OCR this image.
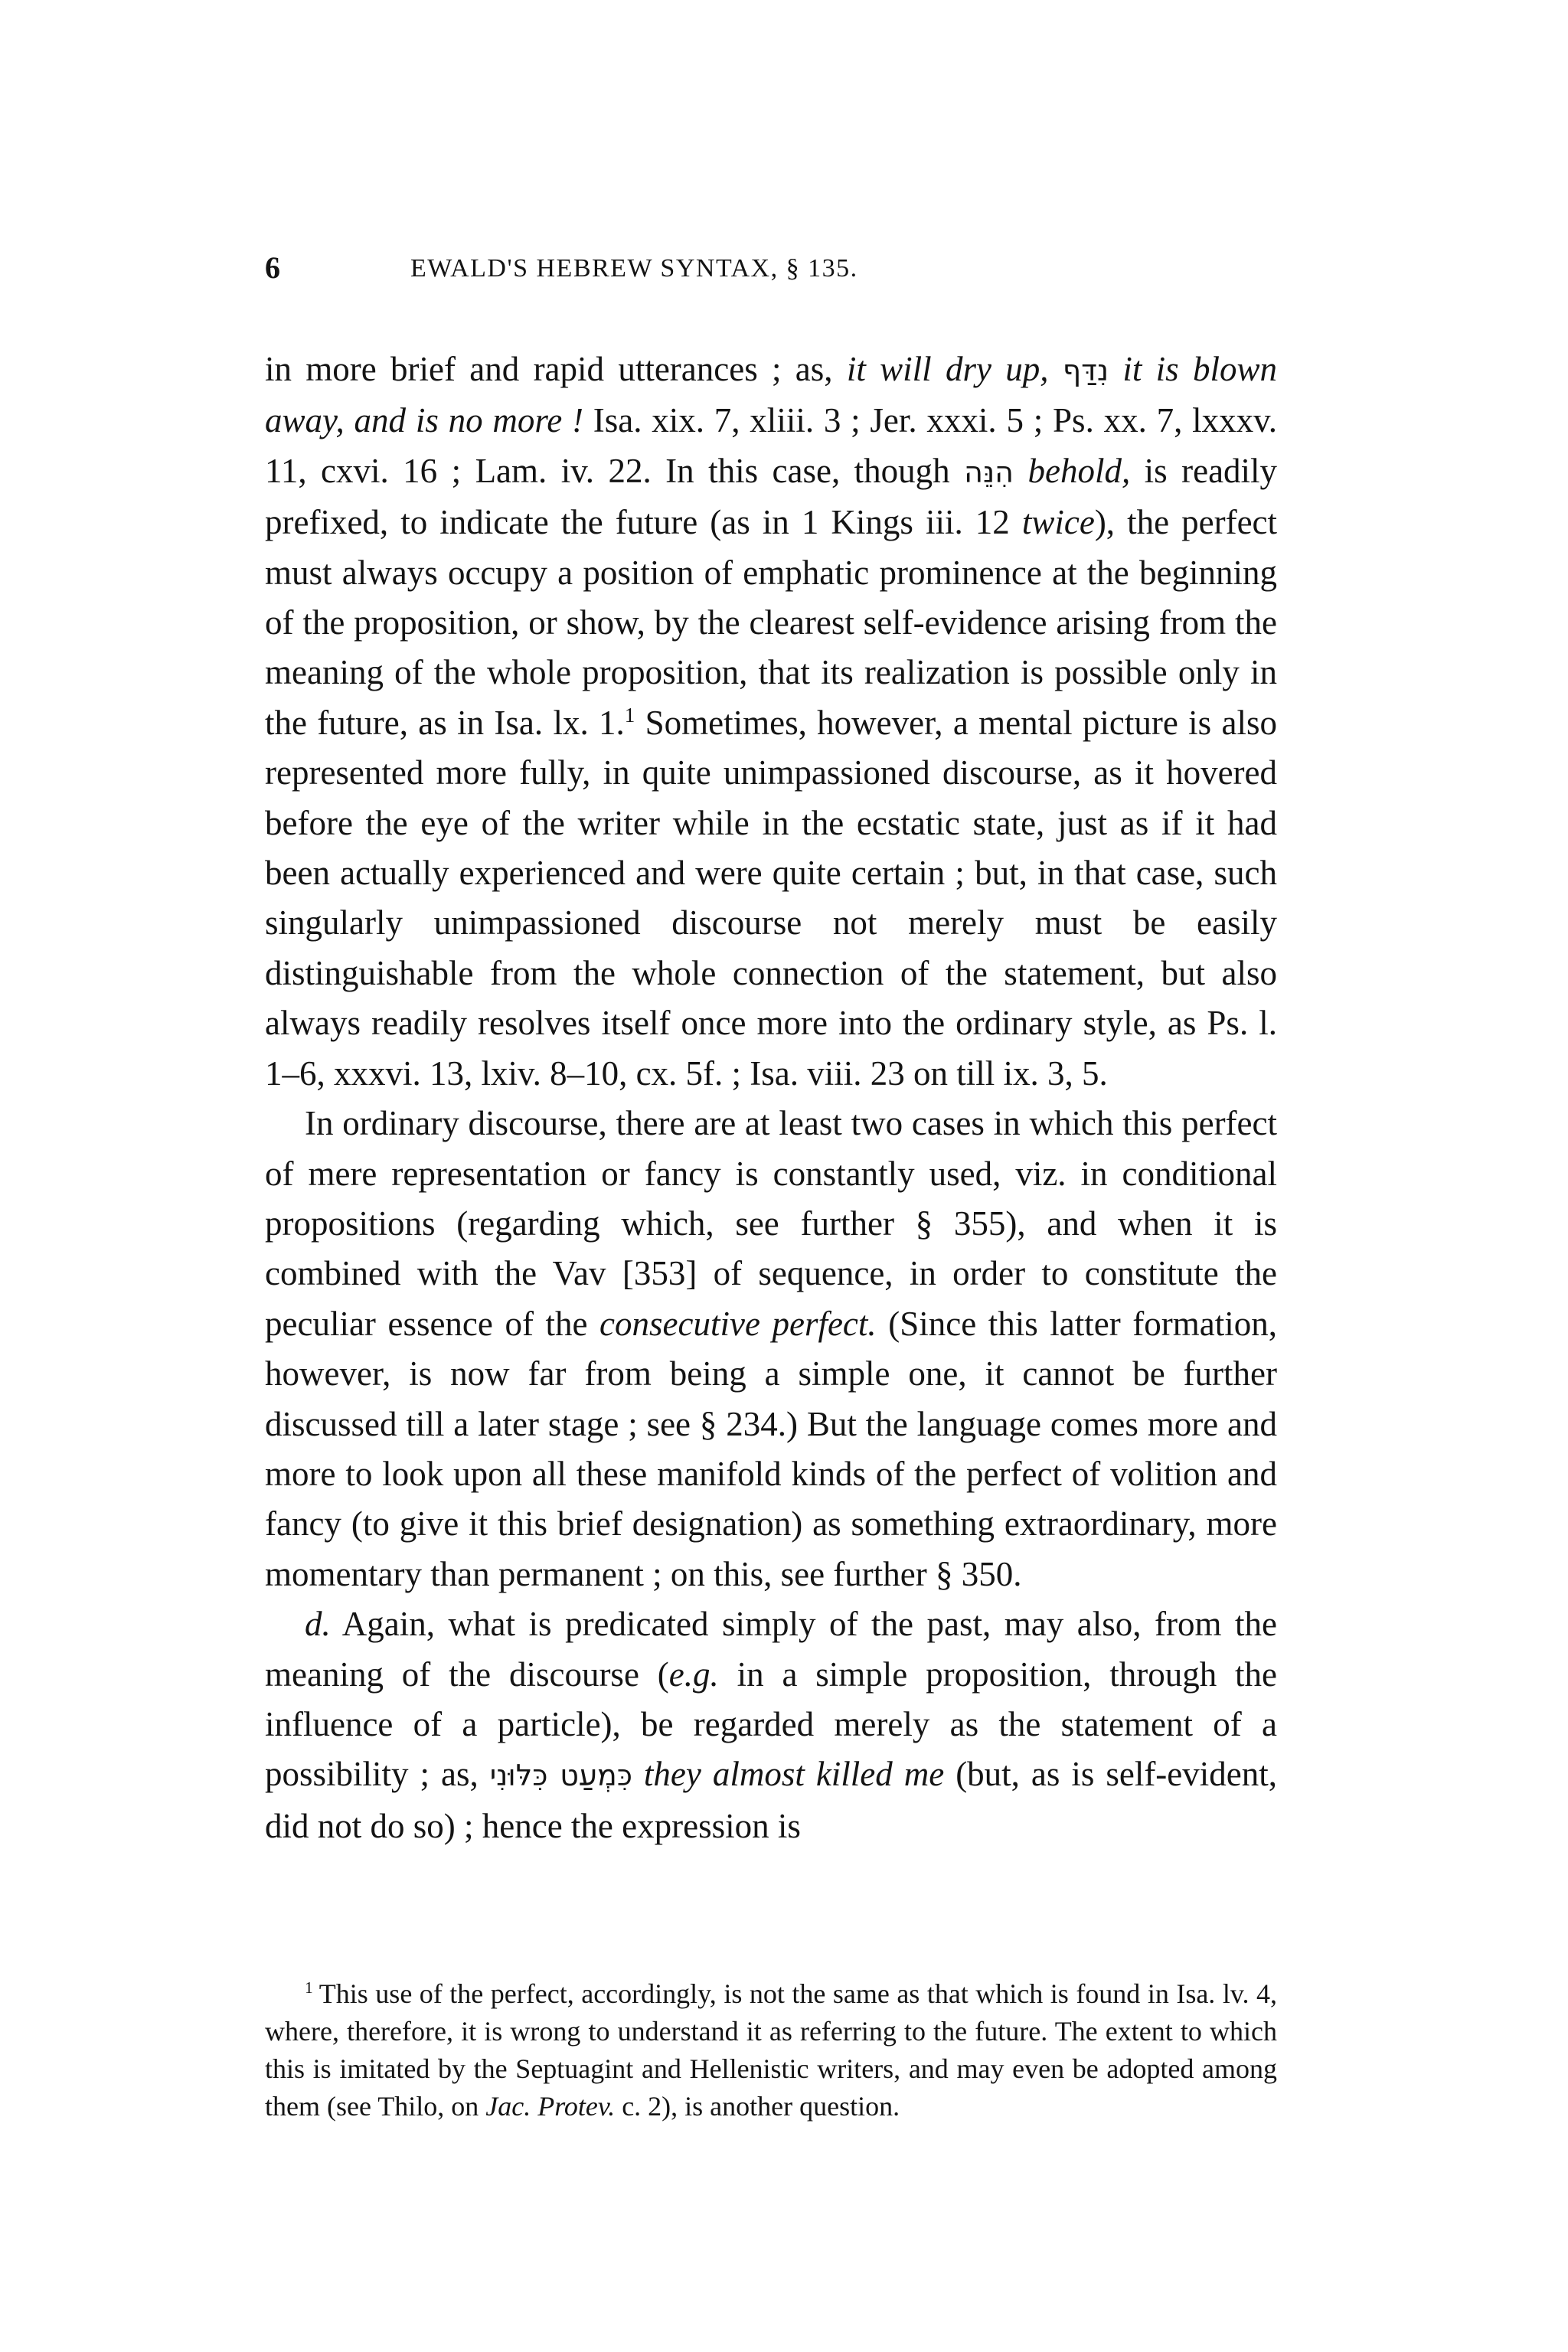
6	EWALD'S HEBREW SYNTAX, § 135.

in more brief and rapid utterances ; as, it will dry up, נִדַּף it is blown away, and is no more ! Isa. xix. 7, xliii. 3 ; Jer. xxxi. 5 ; Ps. xx. 7, lxxxv. 11, cxvi. 16 ; Lam. iv. 22. In this case, though הִנֵּה behold, is readily prefixed, to indicate the future (as in 1 Kings iii. 12 twice), the perfect must always occupy a position of emphatic prominence at the beginning of the proposition, or show, by the clearest self-evidence arising from the meaning of the whole proposition, that its realization is possible only in the future, as in Isa. lx. 1.$^1$ Sometimes, however, a mental picture is also represented more fully, in quite unimpassioned discourse, as it hovered before the eye of the writer while in the ecstatic state, just as if it had been actually experienced and were quite certain ; but, in that case, such singularly unimpassioned discourse not merely must be easily distinguishable from the whole connection of the statement, but also always readily resolves itself once more into the ordinary style, as Ps. l. 1–6, xxxvi. 13, lxiv. 8–10, cx. 5f. ; Isa. viii. 23 on till ix. 3, 5.

In ordinary discourse, there are at least two cases in which this perfect of mere representation or fancy is constantly used, viz. in conditional propositions (regarding which, see further § 355), and when it is combined with the Vav [353] of sequence, in order to constitute the peculiar essence of the consecutive perfect. (Since this latter formation, however, is now far from being a simple one, it cannot be further discussed till a later stage ; see § 234.) But the language comes more and more to look upon all these manifold kinds of the perfect of volition and fancy (to give it this brief designation) as something extraordinary, more momentary than permanent ; on this, see further § 350.

d. Again, what is predicated simply of the past, may also, from the meaning of the discourse (e.g. in a simple proposition, through the influence of a particle), be regarded merely as the statement of a possibility ; as, כִּמְעַט כִּלּוּנִי they almost killed me (but, as is self-evident, did not do so) ; hence the expression is

$^1$ This use of the perfect, accordingly, is not the same as that which is found in Isa. lv. 4, where, therefore, it is wrong to understand it as referring to the future. The extent to which this is imitated by the Septuagint and Hellenistic writers, and may even be adopted among them (see Thilo, on Jac. Protev. c. 2), is another question.
